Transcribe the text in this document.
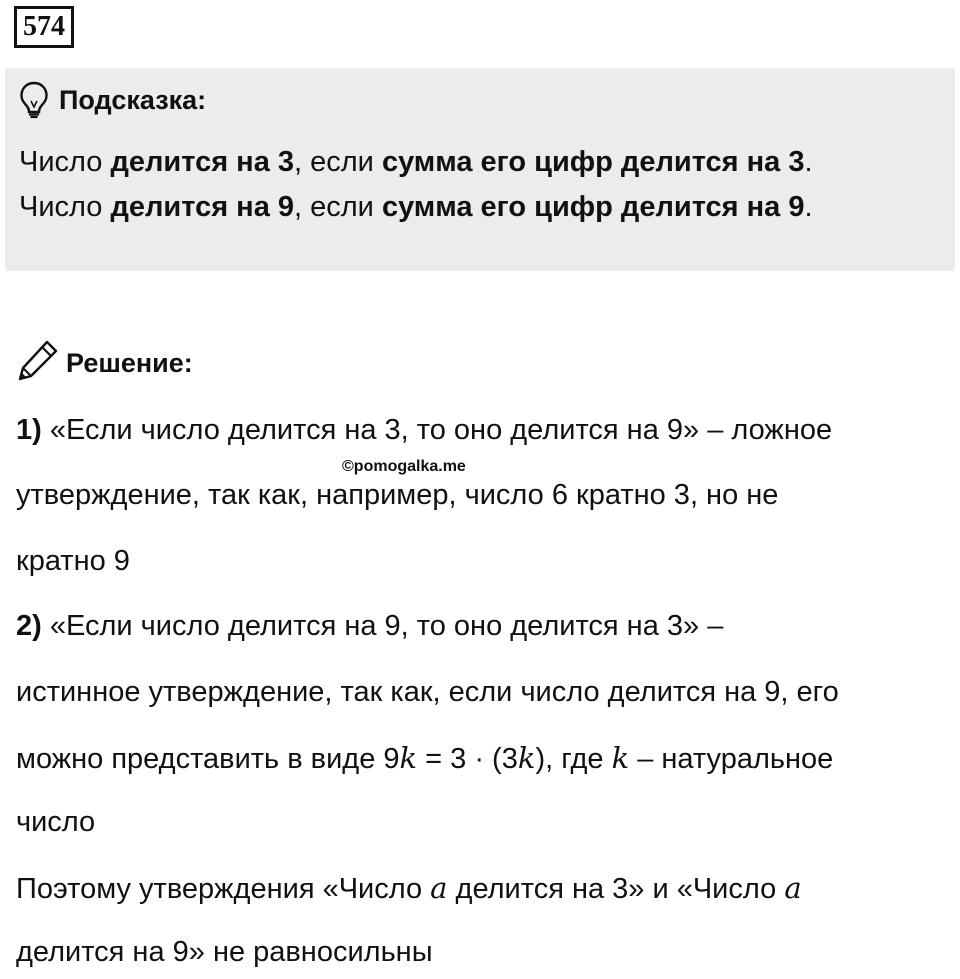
574
Подсказка:
Число делится на 3, если сумма его цифр делится на 3.
Число делится на 9, если сумма его цифр делится на 9.
Решение:
1) «Если число делится на 3, то оно делится на 9» – ложное
©pomogalka.me
утверждение, так как, например, число 6 кратно 3, но не
кратно 9
2) «Если число делится на 9, то оно делится на 3» –
истинное утверждение, так как, если число делится на 9, его
можно представить в виде 9k = 3 · (3k), где k – натуральное
число
Поэтому утверждения «Число a делится на 3» и «Число a
делится на 9» не равносильны
